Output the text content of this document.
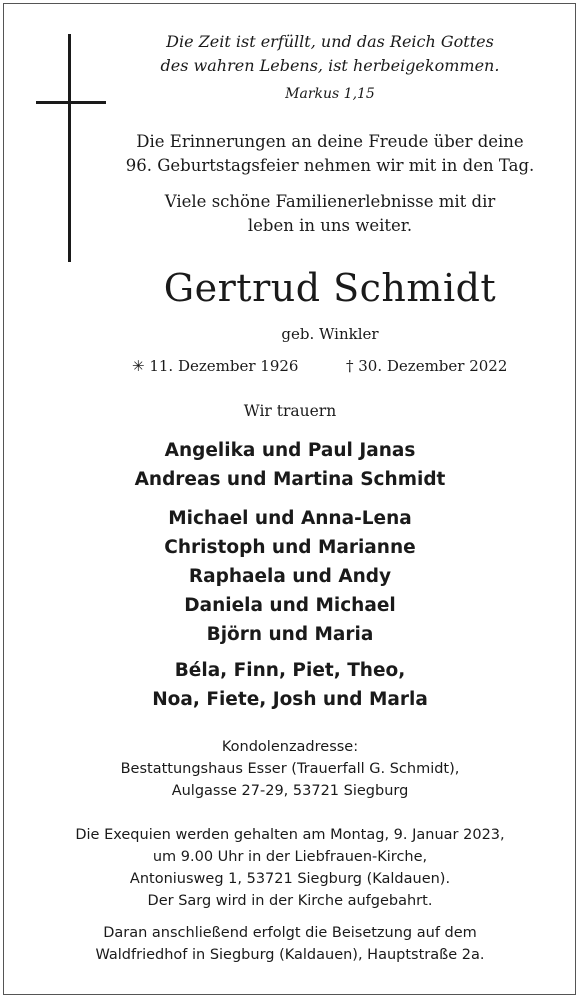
Die Zeit ist erfüllt, und das Reich Gottes
des wahren Lebens, ist herbeigekommen.
Markus 1,15
Die Erinnerungen an deine Freude über deine
96. Geburtstagsfeier nehmen wir mit in den Tag.
Viele schöne Familienerlebnisse mit dir
leben in uns weiter.
Gertrud Schmidt
geb. Winkler
✳ 11. Dezember 1926	† 30. Dezember 2022
Wir trauern
Angelika und Paul Janas
Andreas und Martina Schmidt
Michael und Anna-Lena
Christoph und Marianne
Raphaela und Andy
Daniela und Michael
Björn und Maria
Béla, Finn, Piet, Theo,
Noa, Fiete, Josh und Marla
Kondolenzadresse:
Bestattungshaus Esser (Trauerfall G. Schmidt),
Aulgasse 27-29, 53721 Siegburg
Die Exequien werden gehalten am Montag, 9. Januar 2023,
um 9.00 Uhr in der Liebfrauen-Kirche,
Antoniusweg 1, 53721 Siegburg (Kaldauen).
Der Sarg wird in der Kirche aufgebahrt.
Daran anschließend erfolgt die Beisetzung auf dem
Waldfriedhof in Siegburg (Kaldauen), Hauptstraße 2a.
